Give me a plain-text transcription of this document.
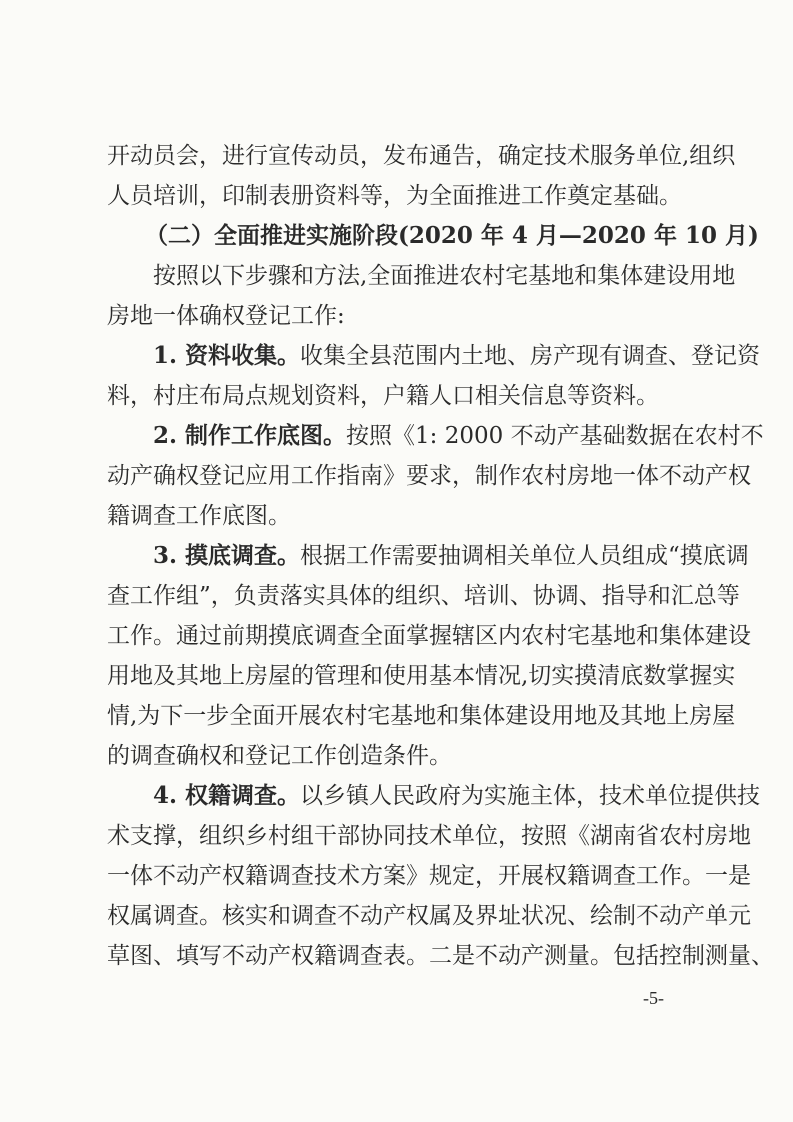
开动员会，进行宣传动员，发布通告，确定技术服务单位,组织
人员培训，印制表册资料等，为全面推进工作奠定基础。
（二）全面推进实施阶段(2020 年 4 月—2020 年 10 月)
按照以下步骤和方法,全面推进农村宅基地和集体建设用地
房地一体确权登记工作:
1. 资料收集。收集全县范围内土地、房产现有调查、登记资
料，村庄布局点规划资料，户籍人口相关信息等资料。
2. 制作工作底图。按照《1: 2000 不动产基础数据在农村不
动产确权登记应用工作指南》要求，制作农村房地一体不动产权
籍调查工作底图。
3. 摸底调查。根据工作需要抽调相关单位人员组成“摸底调
查工作组”，负责落实具体的组织、培训、协调、指导和汇总等
工作。通过前期摸底调查全面掌握辖区内农村宅基地和集体建设
用地及其地上房屋的管理和使用基本情况,切实摸清底数掌握实
情,为下一步全面开展农村宅基地和集体建设用地及其地上房屋
的调查确权和登记工作创造条件。
4. 权籍调查。以乡镇人民政府为实施主体，技术单位提供技
术支撑，组织乡村组干部协同技术单位，按照《湖南省农村房地
一体不动产权籍调查技术方案》规定，开展权籍调查工作。一是
权属调查。核实和调查不动产权属及界址状况、绘制不动产单元
草图、填写不动产权籍调查表。二是不动产测量。包括控制测量、
-5-
